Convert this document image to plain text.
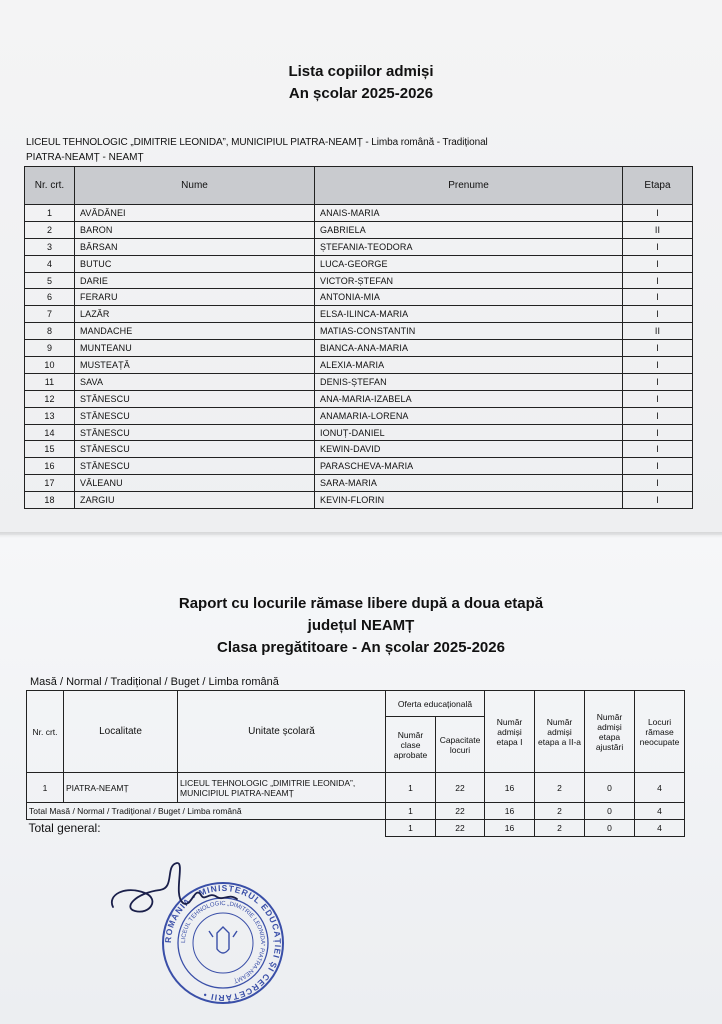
Lista copiilor admiși
An școlar 2025-2026
LICEUL TEHNOLOGIC „DIMITRIE LEONIDA”, MUNICIPIUL PIATRA-NEAMȚ - Limba română - Tradițional
PIATRA-NEAMȚ - NEAMȚ
Nr. crt.	Nume	Prenume	Etapa
1	AVĂDĂNEI	ANAIS-MARIA	I
2	BARON	GABRIELA	II
3	BÂRSAN	ȘTEFANIA-TEODORA	I
4	BUTUC	LUCA-GEORGE	I
5	DARIE	VICTOR-ȘTEFAN	I
6	FERARU	ANTONIA-MIA	I
7	LAZĂR	ELSA-ILINCA-MARIA	I
8	MANDACHE	MATIAS-CONSTANTIN	II
9	MUNTEANU	BIANCA-ANA-MARIA	I
10	MUSTEAȚĂ	ALEXIA-MARIA	I
11	SAVA	DENIS-ȘTEFAN	I
12	STĂNESCU	ANA-MARIA-IZABELA	I
13	STĂNESCU	ANAMARIA-LORENA	I
14	STĂNESCU	IONUȚ-DANIEL	I
15	STĂNESCU	KEWIN-DAVID	I
16	STĂNESCU	PARASCHEVA-MARIA	I
17	VĂLEANU	SARA-MARIA	I
18	ZARGIU	KEVIN-FLORIN	I
Raport cu locurile rămase libere după a doua etapă
județul NEAMȚ
Clasa pregătitoare - An școlar 2025-2026
Masă / Normal / Tradițional / Buget / Limba română
Nr. crt.	Localitate	Unitate școlară	Oferta educațională		Număr admiși etapa I	Număr admiși etapa a II-a	Număr admiși etapa ajustări	Locuri rămase neocupate
			Număr clase aprobate	Capacitate locuri				
1	PIATRA-NEAMȚ	LICEUL TEHNOLOGIC „DIMITRIE LEONIDA”, MUNICIPIUL PIATRA-NEAMȚ	1	22	16	2	0	4
Total Masă / Normal / Tradițional / Buget / Limba română			1	22	16	2	0	4
Total general:			1	22	16	2	0	4
ROMÂNIA • MINISTERUL EDUCAȚIEI ȘI CERCETĂRII •
LICEUL TEHNOLOGIC „DIMITRIE LEONIDA” PIATRA-NEAMȚ
